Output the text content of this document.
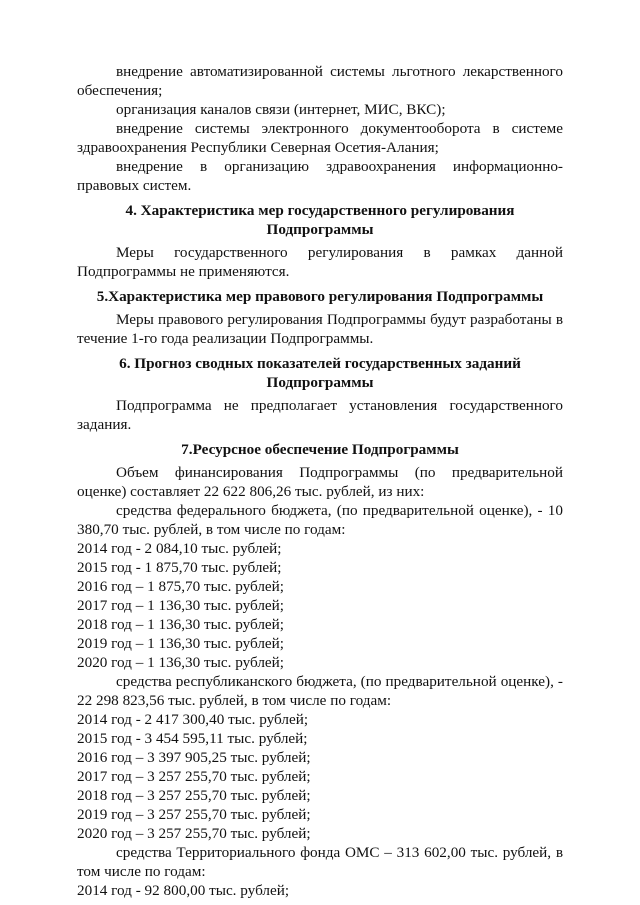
внедрение автоматизированной системы льготного лекарственного обеспечения;

организация каналов связи (интернет, МИС, ВКС);

внедрение системы электронного документооборота в системе здравоохранения Республики Северная Осетия-Алания;

внедрение в организацию здравоохранения информационно-правовых систем.

4. Характеристика мер государственного регулирования
Подпрограммы

Меры государственного регулирования в рамках данной Подпрограммы не применяются.

5.Характеристика мер правового регулирования Подпрограммы

Меры правового регулирования Подпрограммы будут разработаны в течение 1-го года реализации Подпрограммы.

6. Прогноз сводных показателей государственных заданий
Подпрограммы

Подпрограмма не предполагает установления государственного задания.

7.Ресурсное обеспечение Подпрограммы

Объем финансирования Подпрограммы (по предварительной оценке) составляет 22 622 806,26 тыс. рублей, из них:

средства федерального бюджета, (по предварительной оценке), - 10 380,70 тыс. рублей, в том числе по годам:

2014 год - 2 084,10 тыс. рублей;

2015 год - 1 875,70 тыс. рублей;

2016 год – 1 875,70 тыс. рублей;

2017 год – 1 136,30 тыс. рублей;

2018 год – 1 136,30 тыс. рублей;

2019 год – 1 136,30 тыс. рублей;

2020 год – 1 136,30 тыс. рублей;

средства республиканского бюджета, (по предварительной оценке), - 22 298 823,56 тыс. рублей, в том числе по годам:

2014 год - 2 417 300,40 тыс. рублей;

2015 год - 3 454 595,11 тыс. рублей;

2016 год – 3 397 905,25 тыс. рублей;

2017 год – 3 257 255,70 тыс. рублей;

2018 год – 3 257 255,70 тыс. рублей;

2019 год – 3 257 255,70 тыс. рублей;

2020 год – 3 257 255,70 тыс. рублей;

средства Территориального фонда ОМС – 313 602,00 тыс. рублей, в том числе по годам:

2014 год - 92 800,00 тыс. рублей;
